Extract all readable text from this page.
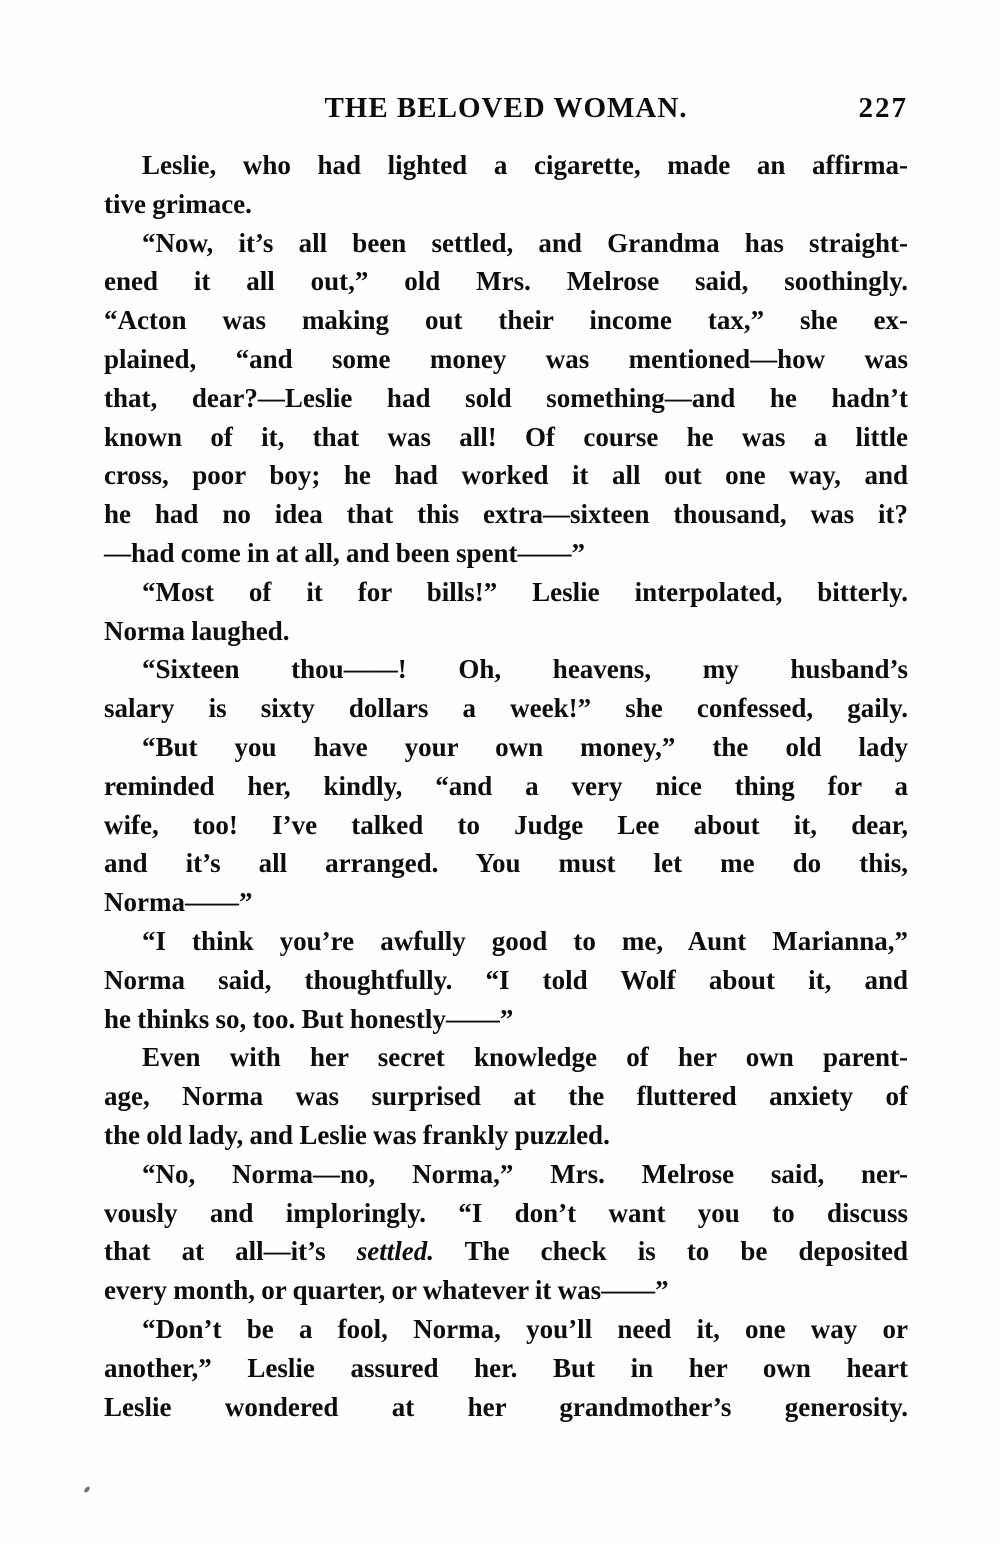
THE BELOVED WOMAN.	227
Leslie, who had lighted a cigarette, made an affirma-
tive grimace.
“Now, it’s all been settled, and Grandma has straight-
ened it all out,” old Mrs. Melrose said, soothingly.
“Acton was making out their income tax,” she ex-
plained, “and some money was mentioned—how was
that, dear?—Leslie had sold something—and he hadn’t
known of it, that was all! Of course he was a little
cross, poor boy; he had worked it all out one way, and
he had no idea that this extra—sixteen thousand, was it?
—had come in at all, and been spent——”
“Most of it for bills!” Leslie interpolated, bitterly.
Norma laughed.
“Sixteen thou——! Oh, heavens, my husband’s
salary is sixty dollars a week!” she confessed, gaily.
“But you have your own money,” the old lady
reminded her, kindly, “and a very nice thing for a
wife, too! I’ve talked to Judge Lee about it, dear,
and it’s all arranged. You must let me do this,
Norma——”
“I think you’re awfully good to me, Aunt Marianna,”
Norma said, thoughtfully. “I told Wolf about it, and
he thinks so, too. But honestly——”
Even with her secret knowledge of her own parent-
age, Norma was surprised at the fluttered anxiety of
the old lady, and Leslie was frankly puzzled.
“No, Norma—no, Norma,” Mrs. Melrose said, ner-
vously and imploringly. “I don’t want you to discuss
that at all—it’s settled. The check is to be deposited
every month, or quarter, or whatever it was——”
“Don’t be a fool, Norma, you’ll need it, one way or
another,” Leslie assured her. But in her own heart
Leslie wondered at her grandmother’s generosity.
